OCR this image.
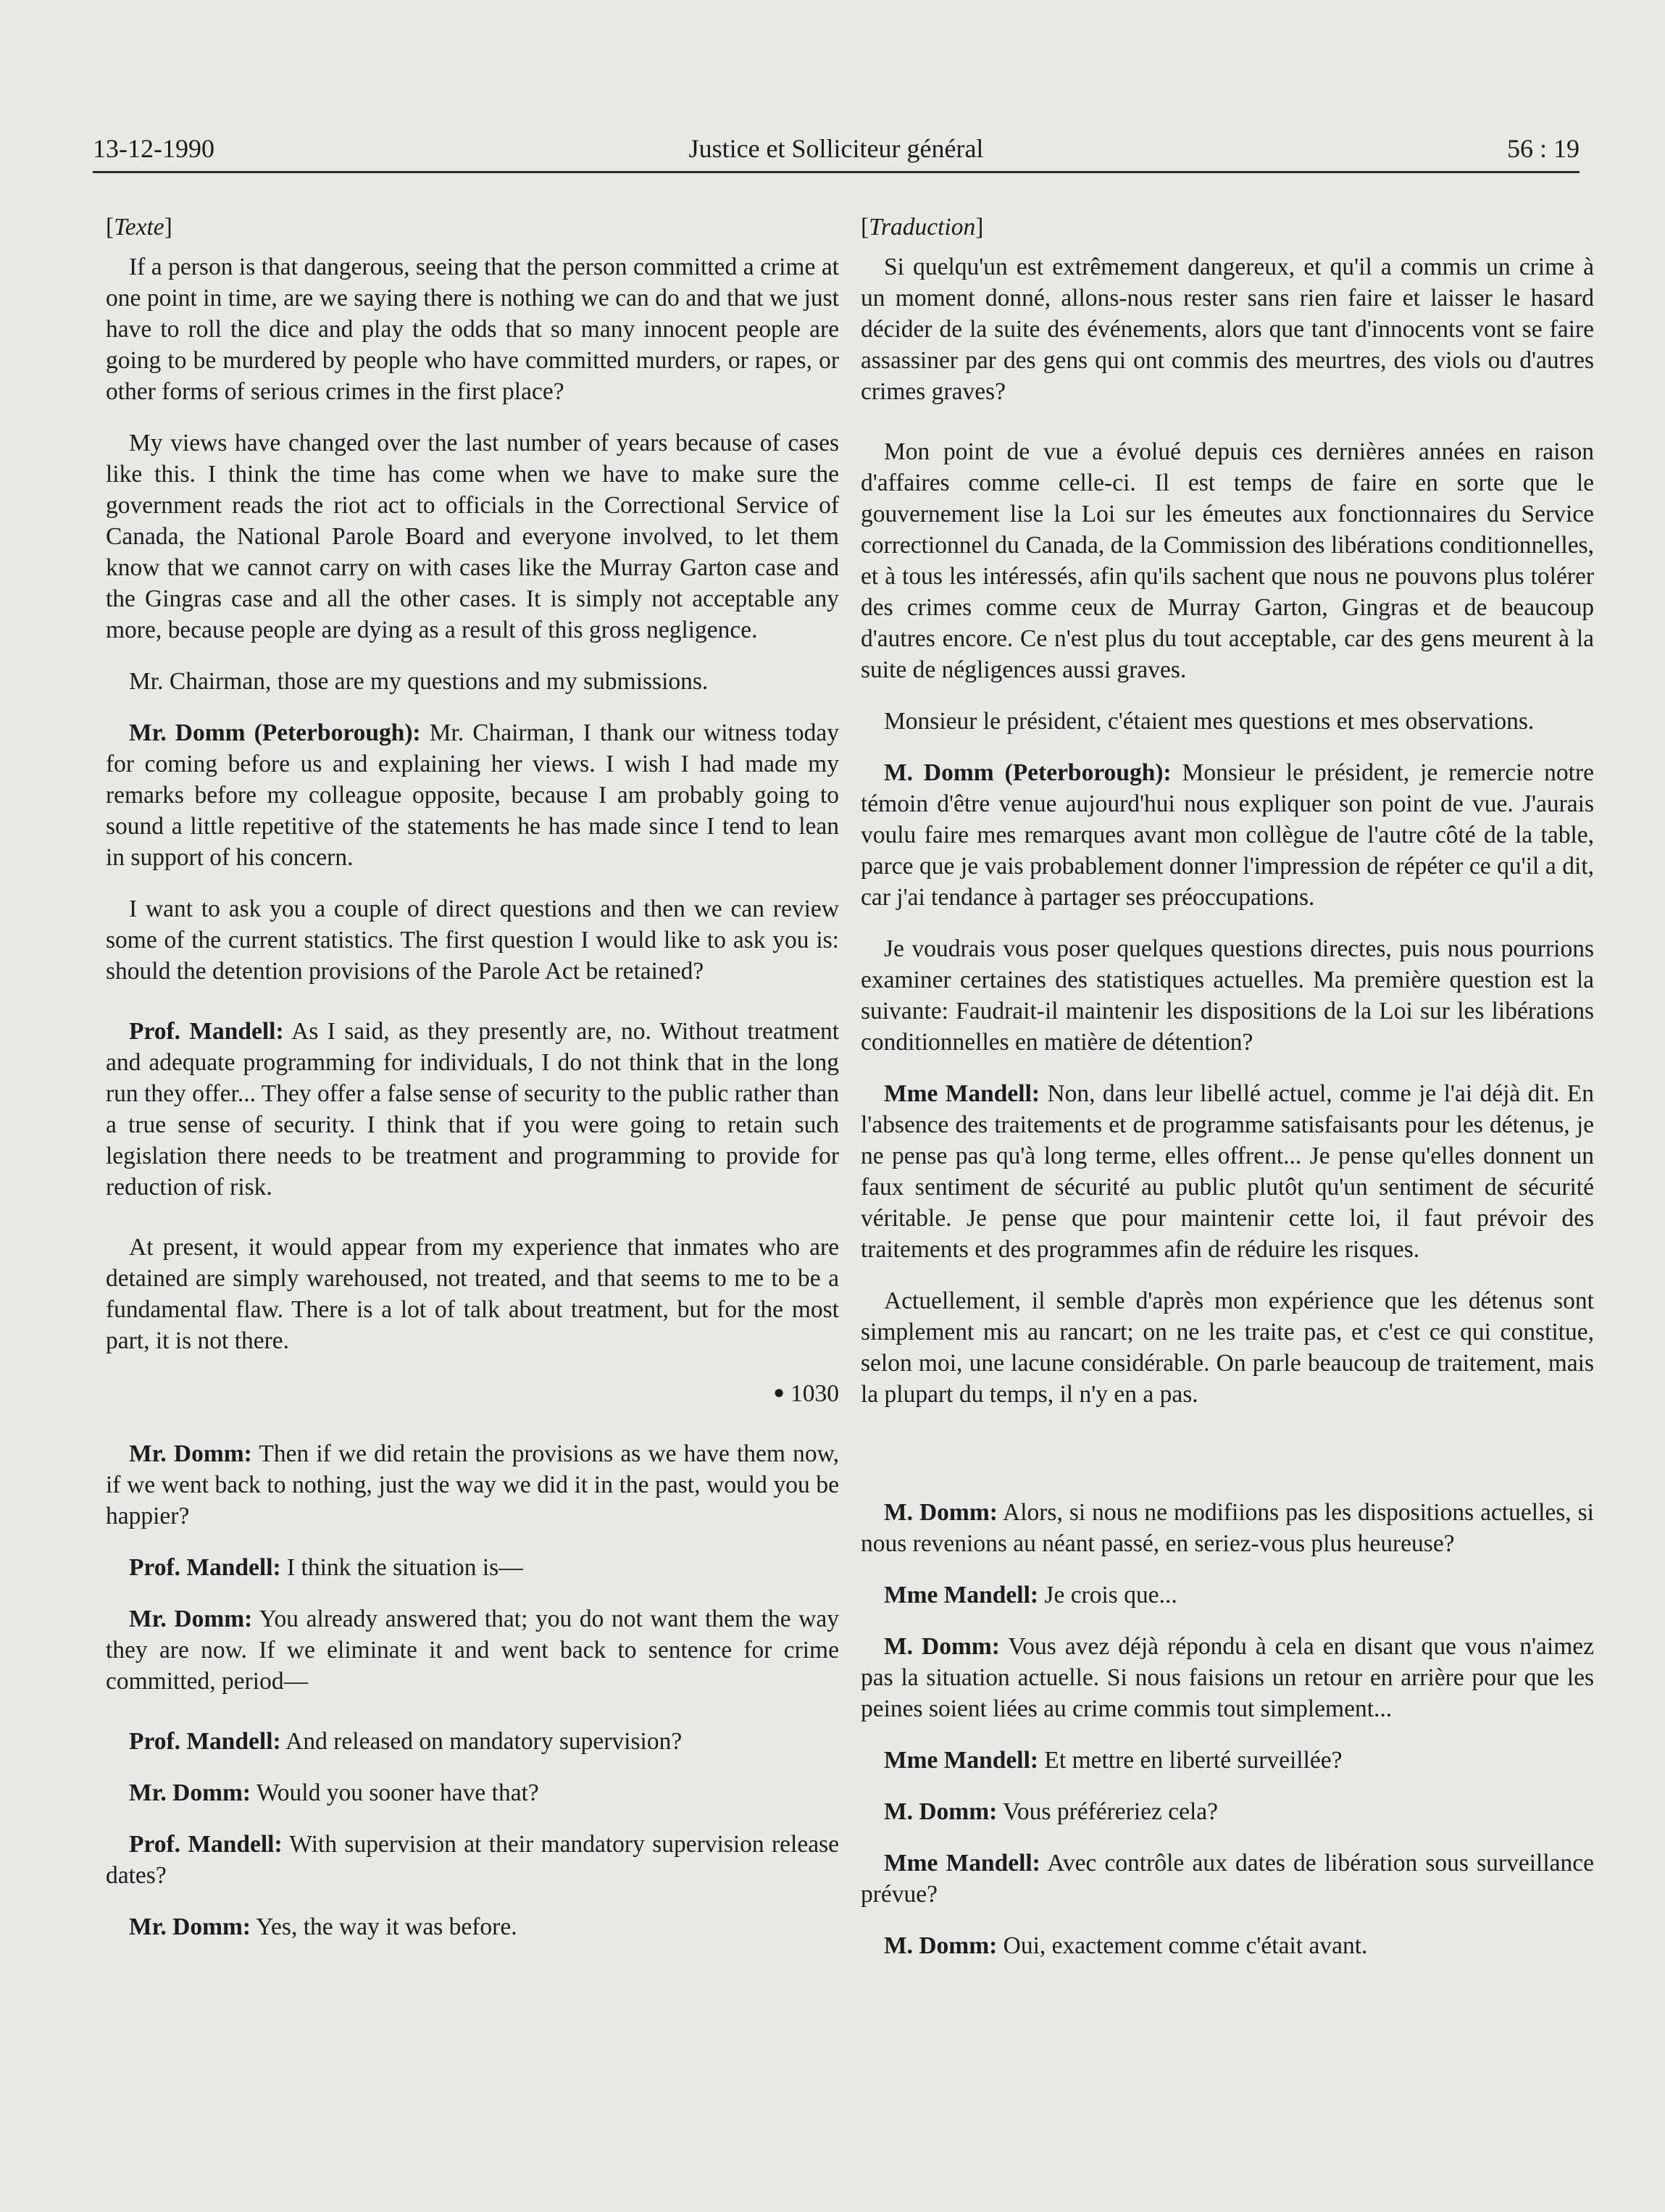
13-12-1990	Justice et Solliciteur général	56 : 19

[Texte]

If a person is that dangerous, seeing that the person committed a crime at one point in time, are we saying there is nothing we can do and that we just have to roll the dice and play the odds that so many innocent people are going to be murdered by people who have committed murders, or rapes, or other forms of serious crimes in the first place?

My views have changed over the last number of years because of cases like this. I think the time has come when we have to make sure the government reads the riot act to officials in the Correctional Service of Canada, the National Parole Board and everyone involved, to let them know that we cannot carry on with cases like the Murray Garton case and the Gingras case and all the other cases. It is simply not acceptable any more, because people are dying as a result of this gross negligence.

Mr. Chairman, those are my questions and my submissions.

Mr. Domm (Peterborough): Mr. Chairman, I thank our witness today for coming before us and explaining her views. I wish I had made my remarks before my colleague opposite, because I am probably going to sound a little repetitive of the statements he has made since I tend to lean in support of his concern.

I want to ask you a couple of direct questions and then we can review some of the current statistics. The first question I would like to ask you is: should the detention provisions of the Parole Act be retained?

Prof. Mandell: As I said, as they presently are, no. Without treatment and adequate programming for individuals, I do not think that in the long run they offer... They offer a false sense of security to the public rather than a true sense of security. I think that if you were going to retain such legislation there needs to be treatment and programming to provide for reduction of risk.

At present, it would appear from my experience that inmates who are detained are simply warehoused, not treated, and that seems to me to be a fundamental flaw. There is a lot of talk about treatment, but for the most part, it is not there.

● 1030

Mr. Domm: Then if we did retain the provisions as we have them now, if we went back to nothing, just the way we did it in the past, would you be happier?

Prof. Mandell: I think the situation is—

Mr. Domm: You already answered that; you do not want them the way they are now. If we eliminate it and went back to sentence for crime committed, period—

Prof. Mandell: And released on mandatory supervision?

Mr. Domm: Would you sooner have that?

Prof. Mandell: With supervision at their mandatory supervision release dates?

Mr. Domm: Yes, the way it was before.

[Traduction]

Si quelqu'un est extrêmement dangereux, et qu'il a commis un crime à un moment donné, allons-nous rester sans rien faire et laisser le hasard décider de la suite des événements, alors que tant d'innocents vont se faire assassiner par des gens qui ont commis des meurtres, des viols ou d'autres crimes graves?

Mon point de vue a évolué depuis ces dernières années en raison d'affaires comme celle-ci. Il est temps de faire en sorte que le gouvernement lise la Loi sur les émeutes aux fonctionnaires du Service correctionnel du Canada, de la Commission des libérations conditionnelles, et à tous les intéressés, afin qu'ils sachent que nous ne pouvons plus tolérer des crimes comme ceux de Murray Garton, Gingras et de beaucoup d'autres encore. Ce n'est plus du tout acceptable, car des gens meurent à la suite de négligences aussi graves.

Monsieur le président, c'étaient mes questions et mes observations.

M. Domm (Peterborough): Monsieur le président, je remercie notre témoin d'être venue aujourd'hui nous expliquer son point de vue. J'aurais voulu faire mes remarques avant mon collègue de l'autre côté de la table, parce que je vais probablement donner l'impression de répéter ce qu'il a dit, car j'ai tendance à partager ses préoccupations.

Je voudrais vous poser quelques questions directes, puis nous pourrions examiner certaines des statistiques actuelles. Ma première question est la suivante: Faudrait-il maintenir les dispositions de la Loi sur les libérations conditionnelles en matière de détention?

Mme Mandell: Non, dans leur libellé actuel, comme je l'ai déjà dit. En l'absence des traitements et de programme satisfaisants pour les détenus, je ne pense pas qu'à long terme, elles offrent... Je pense qu'elles donnent un faux sentiment de sécurité au public plutôt qu'un sentiment de sécurité véritable. Je pense que pour maintenir cette loi, il faut prévoir des traitements et des programmes afin de réduire les risques.

Actuellement, il semble d'après mon expérience que les détenus sont simplement mis au rancart; on ne les traite pas, et c'est ce qui constitue, selon moi, une lacune considérable. On parle beaucoup de traitement, mais la plupart du temps, il n'y en a pas.

M. Domm: Alors, si nous ne modifiions pas les dispositions actuelles, si nous revenions au néant passé, en seriez-vous plus heureuse?

Mme Mandell: Je crois que...

M. Domm: Vous avez déjà répondu à cela en disant que vous n'aimez pas la situation actuelle. Si nous faisions un retour en arrière pour que les peines soient liées au crime commis tout simplement...

Mme Mandell: Et mettre en liberté surveillée?

M. Domm: Vous préféreriez cela?

Mme Mandell: Avec contrôle aux dates de libération sous surveillance prévue?

M. Domm: Oui, exactement comme c'était avant.
